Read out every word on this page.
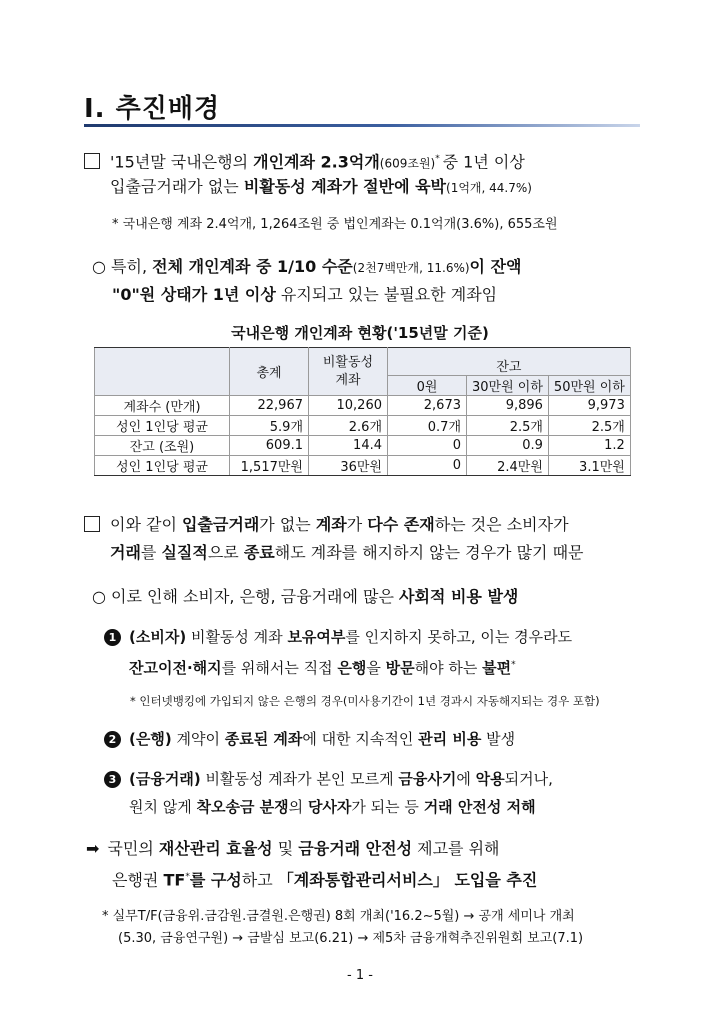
Ⅰ. 추진배경
'15년말 국내은행의 개인계좌 2.3억개(609조원)* 중 1년 이상
입출금거래가 없는 비활동성 계좌가 절반에 육박(1억개, 44.7%)
* 국내은행 계좌 2.4억개, 1,264조원 중 법인계좌는 0.1억개(3.6%), 655조원
○ 특히, 전체 개인계좌 중 1/10 수준(2천7백만개, 11.6%)이 잔액
"0"원 상태가 1년 이상 유지되고 있는 불필요한 계좌임
국내은행 개인계좌 현황('15년말 기준)
	총계	비활동성
계좌			
			잔고		
			0원	30만원 이하	50만원 이하
계좌수 (만개)	22,967	10,260	2,673	9,896	9,973
성인 1인당 평균	5.9개	2.6개	0.7개	2.5개	2.5개
잔고 (조원)	609.1	14.4	0	0.9	1.2
성인 1인당 평균	1,517만원	36만원	0	2.4만원	3.1만원
이와 같이 입출금거래가 없는 계좌가 다수 존재하는 것은 소비자가
거래를 실질적으로 종료해도 계좌를 해지하지 않는 경우가 많기 때문
○ 이로 인해 소비자, 은행, 금융거래에 많은 사회적 비용 발생
1 (소비자) 비활동성 계좌 보유여부를 인지하지 못하고, 이는 경우라도
잔고이전·해지를 위해서는 직접 은행을 방문해야 하는 불편*
* 인터넷뱅킹에 가입되지 않은 은행의 경우(미사용기간이 1년 경과시 자동해지되는 경우 포함)
2 (은행) 계약이 종료된 계좌에 대한 지속적인 관리 비용 발생
3 (금융거래) 비활동성 계좌가 본인 모르게 금융사기에 악용되거나,
원치 않게 착오송금 분쟁의 당사자가 되는 등 거래 안전성 저해
➡ 국민의 재산관리 효율성 및 금융거래 안전성 제고를 위해
은행권 TF*를 구성하고 「계좌통합관리서비스」 도입을 추진
* 실무T/F(금융위.금감원.금결원.은행권) 8회 개최('16.2∼5월) → 공개 세미나 개최
(5.30, 금융연구원) → 금발심 보고(6.21) → 제5차 금융개혁추진위원회 보고(7.1)
- 1 -
